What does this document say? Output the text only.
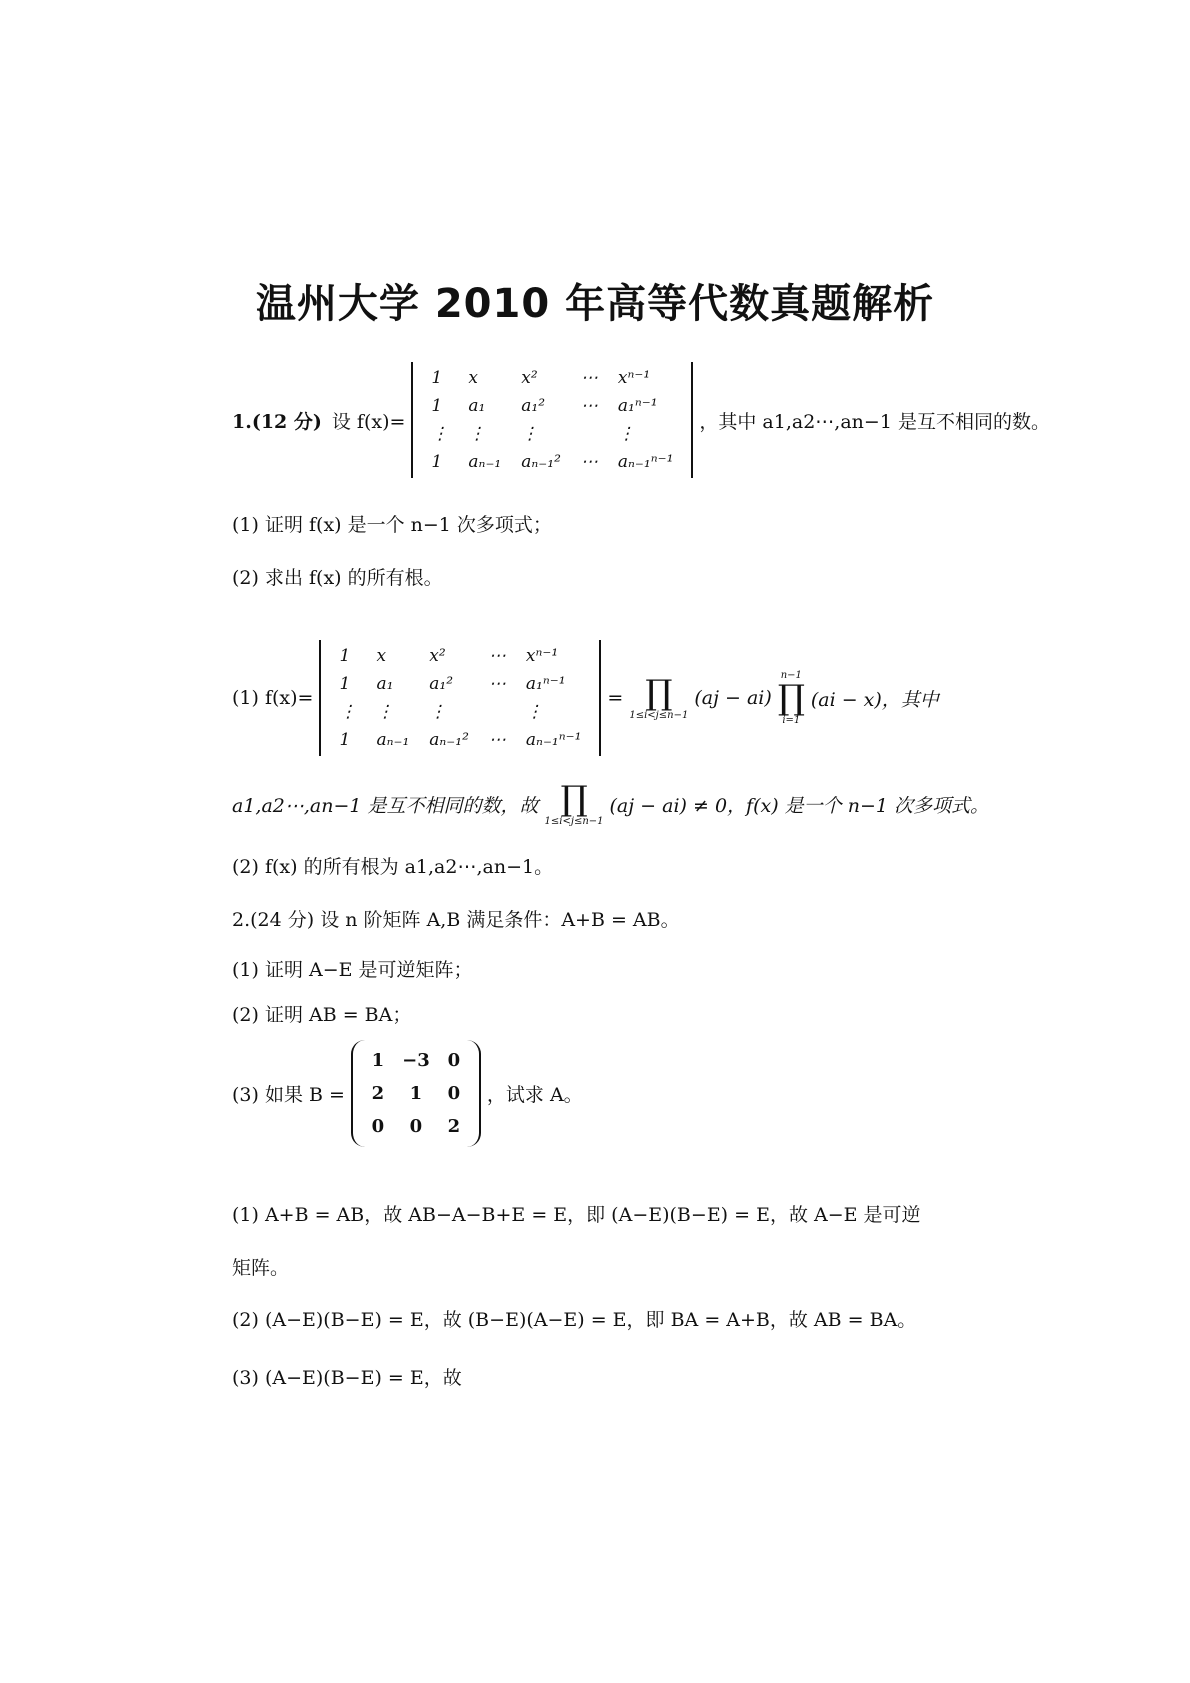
温州大学 2010 年高等代数真题解析
1.(12 分) 设 f(x)=
1	x	x²	⋯	xⁿ⁻¹
1	a₁	a₁²	⋯	a₁ⁿ⁻¹
⋮	⋮	⋮	⋮
1	aₙ₋₁	aₙ₋₁²	⋯	aₙ₋₁ⁿ⁻¹
，其中 a1,a2⋯,an−1 是互不相同的数。
(1) 证明 f(x) 是一个 n−1 次多项式；
(2) 求出 f(x) 的所有根。
(1) f(x)=
1	x	x²	⋯	xⁿ⁻¹
1	a₁	a₁²	⋯	a₁ⁿ⁻¹
⋮	⋮	⋮	⋮
1	aₙ₋₁	aₙ₋₁²	⋯	aₙ₋₁ⁿ⁻¹
= ∏
1≤i<j≤n−1
(aj − ai)
n−1
∏
i=1
(ai − x)，其中
a1,a2⋯,an−1 是互不相同的数，故 ∏
1≤i<j≤n−1
(aj − ai) ≠ 0，f(x) 是一个 n−1 次多项式。
(2) f(x) 的所有根为 a1,a2⋯,an−1。
2.(24 分) 设 n 阶矩阵 A,B 满足条件：A+B = AB。
(1) 证明 A−E 是可逆矩阵；
(2) 证明 AB = BA；
(3) 如果 B =
1 −3 0
2	1	0
0	0	2
，试求 A。
(1) A+B = AB，故 AB−A−B+E = E，即 (A−E)(B−E) = E，故 A−E 是可逆
矩阵。
(2) (A−E)(B−E) = E，故 (B−E)(A−E) = E，即 BA = A+B，故 AB = BA。
(3) (A−E)(B−E) = E，故
